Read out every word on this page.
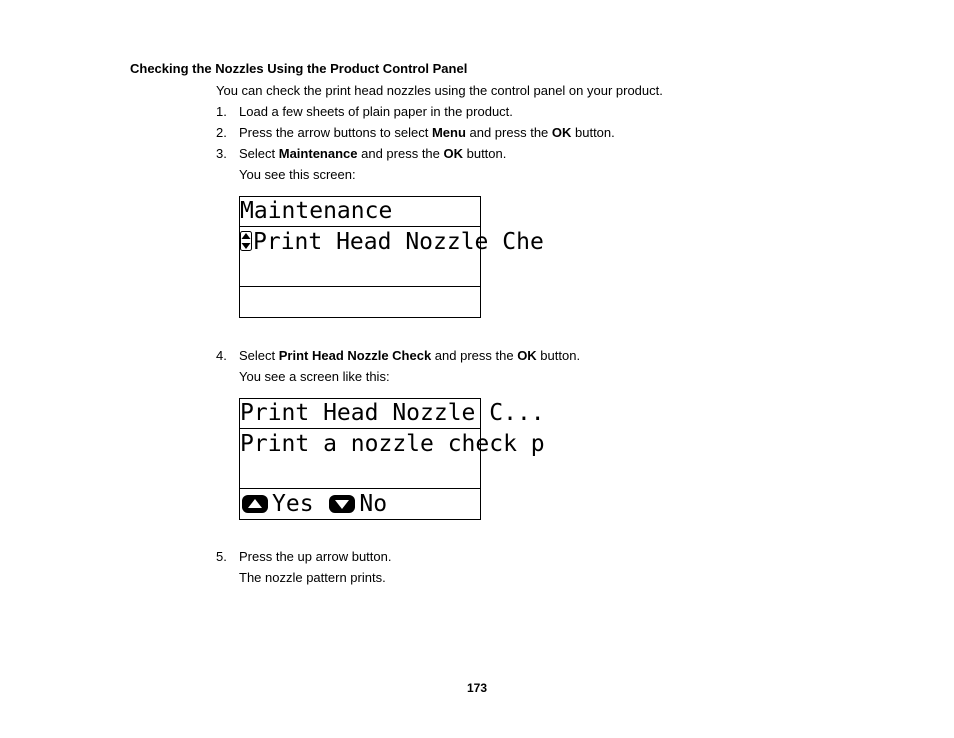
Checking the Nozzles Using the Product Control Panel
You can check the print head nozzles using the control panel on your product.
1. Load a few sheets of plain paper in the product.
2. Press the arrow buttons to select Menu and press the OK button.
3. Select Maintenance and press the OK button.
You see this screen:
Maintenance
Print Head Nozzle Che
4. Select Print Head Nozzle Check and press the OK button.
You see a screen like this:
Print Head Nozzle C...
Print a nozzle check p
Yes No
5. Press the up arrow button.
The nozzle pattern prints.
173
